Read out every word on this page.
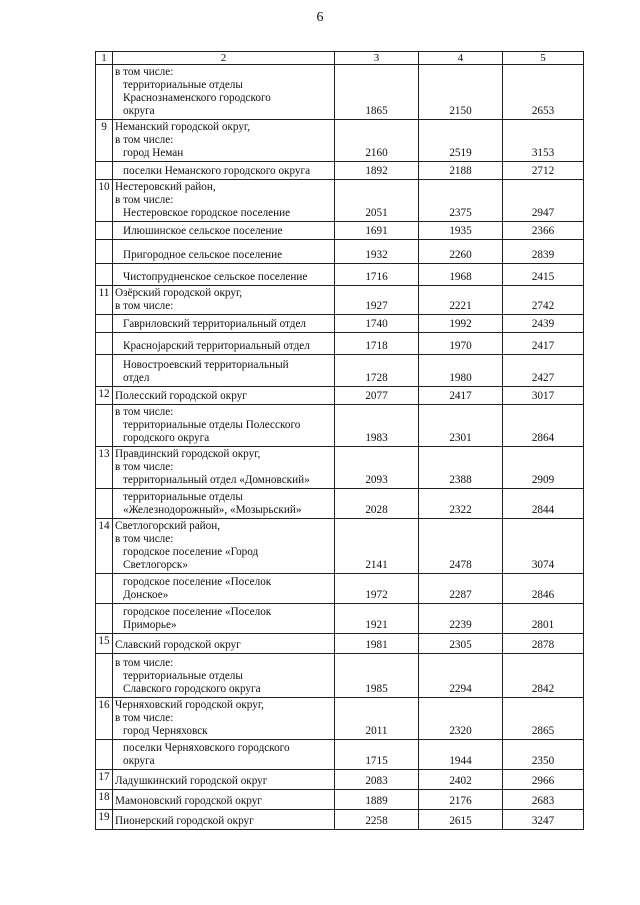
6
1	2	3	4	5

	в том числе:
территориальные отделы
Краснознаменского городского
округа	1865	2150	2653
9	Неманский городской округ,
в том числе:
город Неман	2160	2519	3153

	поселки Неманского городского округа	1892	2188	2712
10	Нестеровский район,
в том числе:
Нестеровское городское поселение	2051	2375	2947

	Илюшинское сельское поселение	1691	1935	2366

	Пригородное сельское поселение	1932	2260	2839

	Чистопрудненское сельское поселение	1716	1968	2415
11	Озёрский городской округ,
в том числе:	1927	2221	2742

	Гавриловский территориальный отдел	1740	1992	2439

	Краснојарский территориальный отдел	1718	1970	2417

	Новостроевский территориальный
отдел	1728	1980	2427
12	Полесский городской округ	2077	2417	3017

	в том числе:
территориальные отделы Полесского
городского округа	1983	2301	2864
13	Правдинский городской округ,
в том числе:
территориальный отдел «Домновский»	2093	2388	2909

	территориальные отделы
«Железнодорожный», «Мозырьский»	2028	2322	2844
14	Светлогорский район,
в том числе:
городское поселение «Город
Светлогорск»	2141	2478	3074

	городское поселение «Поселок
Донское»	1972	2287	2846

	городское поселение «Поселок
Приморье»	1921	2239	2801
15	Славский городской округ	1981	2305	2878

	в том числе:
территориальные отделы
Славского городского округа	1985	2294	2842
16	Черняховский городской округ,
в том числе:
город Черняховск	2011	2320	2865

	поселки Черняховского городского
округа	1715	1944	2350
17	Ладушкинский городской округ	2083	2402	2966
18	Мамоновский городской округ	1889	2176	2683
19	Пионерский городской округ	2258	2615	3247
